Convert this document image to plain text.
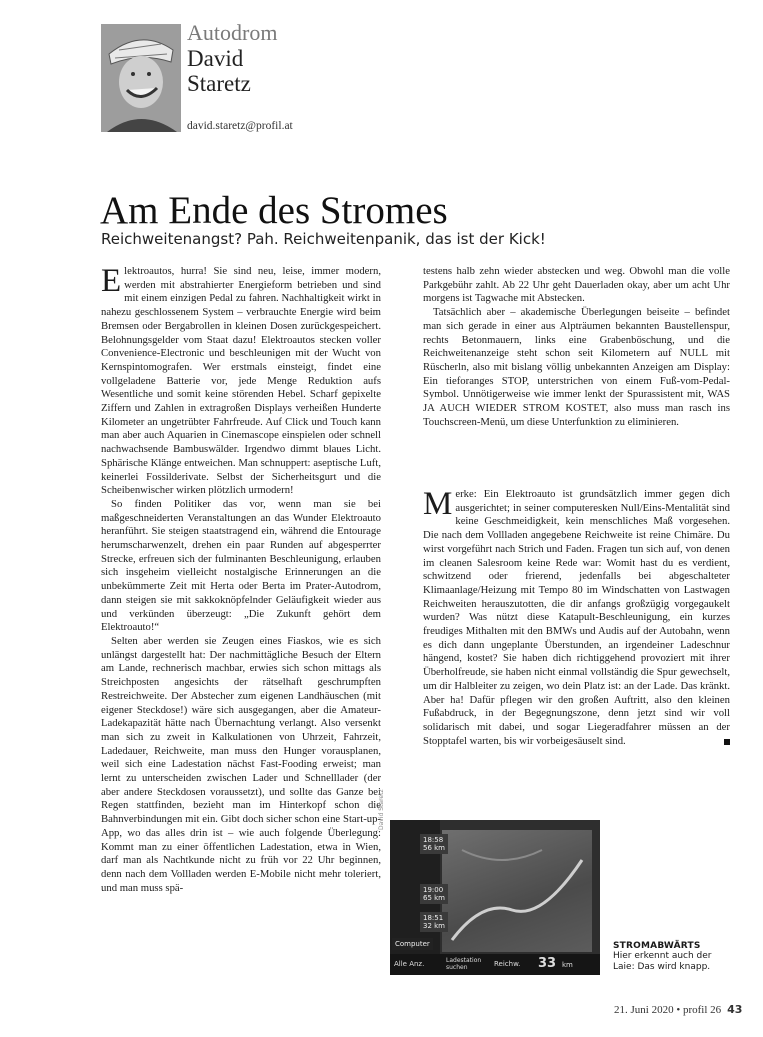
Autodrom
David
Staretz
david.staretz@profil.at
Am Ende des Stromes
Reichweitenangst? Pah. Reichweitenpanik, das ist der Kick!

Elektroautos, hurra! Sie sind neu, leise, immer modern, werden mit abstrahierter Energieform betrieben und sind mit einem einzigen Pedal zu fahren. Nachhaltigkeit wirkt in nahezu geschlossenem System – verbrauchte Energie wird beim Bremsen oder Bergabrollen in kleinen Dosen zurückgespeichert. Belohnungsgelder vom Staat dazu! Elektroautos stecken voller Convenience-Electronic und beschleunigen mit der Wucht von Kernspintomografen. Wer erstmals einsteigt, findet eine vollgeladene Batterie vor, jede Menge Reduktion aufs Wesentliche und somit keine störenden Hebel. Scharf gepixelte Ziffern und Zahlen in extragroßen Displays verheißen Hunderte Kilometer an ungetrübter Fahrfreude. Auf Click und Touch kann man aber auch Aquarien in Cinemascope einspielen oder schnell nachwachsende Bambuswälder. Irgendwo dimmt blaues Licht. Sphärische Klänge entweichen. Man schnuppert: aseptische Luft, keinerlei Fossilderivate. Selbst der Sicherheitsgurt und die Scheibenwischer wirken plötzlich urmodern!

So finden Politiker das vor, wenn man sie bei maßgeschneiderten Veranstaltungen an das Wunder Elektroauto heranführt. Sie steigen staatstragend ein, während die Entourage herumscharwenzelt, drehen ein paar Runden auf abgesperrter Strecke, erfreuen sich der fulminanten Beschleunigung, erlauben sich insgeheim vielleicht nostalgische Erinnerungen an die unbekümmerte Zeit mit Herta oder Berta im Prater-Autodrom, dann steigen sie mit sakkoknöpfelnder Geläufigkeit wieder aus und verkünden überzeugt: „Die Zukunft gehört dem Elektroauto!“

Selten aber werden sie Zeugen eines Fiaskos, wie es sich unlängst dargestellt hat: Der nachmittägliche Besuch der Eltern am Lande, rechnerisch machbar, erwies sich schon mittags als Streichposten angesichts der rätselhaft geschrumpften Restreichweite. Der Abstecher zum eigenen Landhäuschen (mit eigener Steckdose!) wäre sich ausgegangen, aber die Amateur-Ladekapazität hätte nach Übernachtung verlangt. Also versenkt man sich zu zweit in Kalkulationen von Uhrzeit, Fahrzeit, Ladedauer, Reichweite, man muss den Hunger vorausplanen, weil sich eine Ladestation nächst Fast-Fooding erweist; man lernt zu unterscheiden zwischen Lader und Schnelllader (der aber andere Steckdosen voraussetzt), und sollte das Ganze bei Regen stattfinden, bezieht man im Hinterkopf schon die Bahnverbindungen mit ein. Gibt doch sicher schon eine Start-up-App, wo das alles drin ist – wie auch folgende Überlegung: Kommt man zu einer öffentlichen Ladestation, etwa in Wien, darf man als Nachtkunde nicht zu früh vor 22 Uhr beginnen, denn nach dem Vollladen werden E-Mobile nicht mehr toleriert, und man muss spä-

testens halb zehn wieder abstecken und weg. Obwohl man die volle Parkgebühr zahlt. Ab 22 Uhr geht Dauerladen okay, aber um acht Uhr morgens ist Tagwache mit Abstecken.

Tatsächlich aber – akademische Überlegungen beiseite – befindet man sich gerade in einer aus Alpträumen bekannten Baustellenspur, rechts Betonmauern, links eine Grabenböschung, und die Reichweitenanzeige steht schon seit Kilometern auf NULL mit Rüscherln, also mit bislang völlig unbekannten Anzeigen am Display: Ein tieforanges STOP, unterstrichen von einem Fuß-vom-Pedal-Symbol. Unnötigerweise wie immer lenkt der Spurassistent mit, WAS JA AUCH WIEDER STROM KOSTET, also muss man rasch ins Touchscreen-Menü, um diese Unterfunktion zu eliminieren.

Merke: Ein Elektroauto ist grundsätzlich immer gegen dich ausgerichtet; in seiner computeresken Null/Eins-Mentalität sind keine Geschmeidigkeit, kein menschliches Maß vorgesehen. Die nach dem Vollladen angegebene Reichweite ist reine Chimäre. Du wirst vorgeführt nach Strich und Faden. Fragen tun sich auf, von denen im cleanen Salesroom keine Rede war: Womit hast du es verdient, schwitzend oder frierend, jedenfalls bei abgeschalteter Klimaanlage/Heizung mit Tempo 80 im Windschatten von Lastwagen Reichweiten herauszutotten, die dir anfangs großzügig vorgegaukelt wurden? Was nützt diese Katapult-Beschleunigung, ein kurzes freudiges Mithalten mit den BMWs und Audis auf der Autobahn, wenn es dich dann ungeplante Überstunden, an irgendeiner Ladeschnur hängend, kostet? Sie haben dich richtiggehend provoziert mit ihrer Überholfreude, sie haben nicht einmal vollständig die Spur gewechselt, um dir Halbleiter zu zeigen, wo dein Platz ist: an der Lade. Das kränkt. Aber ha! Dafür pflegen wir den großen Auftritt, also den kleinen Fußabdruck, in der Begegnungszone, denn jetzt sind wir voll solidarisch mit dabei, und sogar Liegeradfahrer müssen an der Stopptafel warten, bis wir vorbeigesäuselt sind.

David Staretz
18:58
56 km
19:00
65 km
18:51
32 km
Computer
Alle Anz.	Ladestation suchen	Reichw. 33 km
STROMABWÄRTS
Hier erkennt auch der Laie: Das wird knapp.
21. Juni 2020 • profil 26 43
